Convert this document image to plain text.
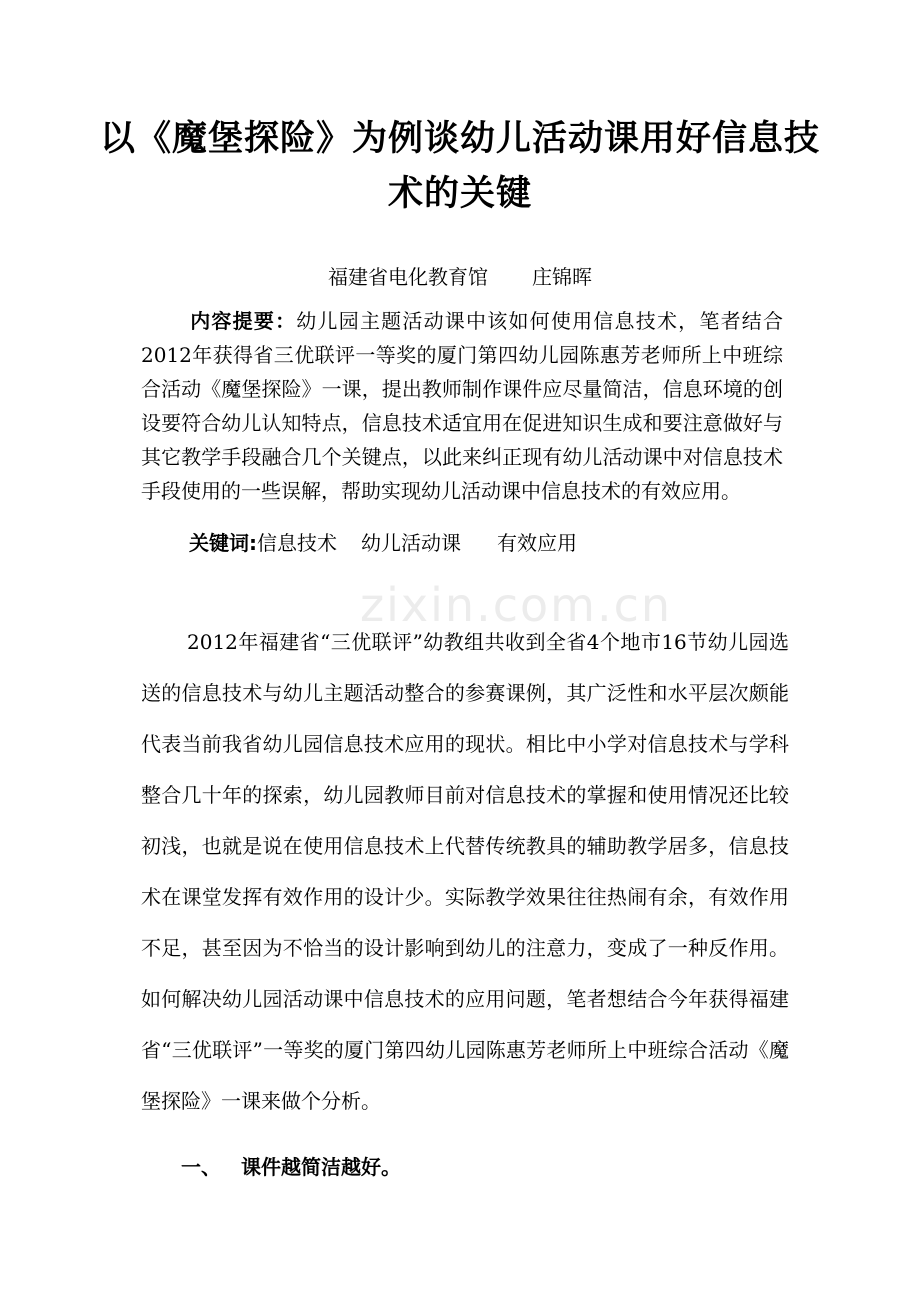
以《魔堡探险》为例谈幼儿活动课用好信息技术的关键
福建省电化教育馆 庄锦晖
内容提要：幼儿园主题活动课中该如何使用信息技术，笔者结合2012年获得省三优联评一等奖的厦门第四幼儿园陈惠芳老师所上中班综合活动《魔堡探险》一课，提出教师制作课件应尽量简洁，信息环境的创设要符合幼儿认知特点，信息技术适宜用在促进知识生成和要注意做好与其它教学手段融合几个关键点，以此来纠正现有幼儿活动课中对信息技术手段使用的一些误解，帮助实现幼儿活动课中信息技术的有效应用。
关键词:信息技术 幼儿活动课 有效应用
zixin.com.cn
2012年福建省“三优联评”幼教组共收到全省4个地市16节幼儿园选送的信息技术与幼儿主题活动整合的参赛课例，其广泛性和水平层次颇能代表当前我省幼儿园信息技术应用的现状。相比中小学对信息技术与学科整合几十年的探索，幼儿园教师目前对信息技术的掌握和使用情况还比较初浅，也就是说在使用信息技术上代替传统教具的辅助教学居多，信息技术在课堂发挥有效作用的设计少。实际教学效果往往热闹有余，有效作用不足，甚至因为不恰当的设计影响到幼儿的注意力，变成了一种反作用。如何解决幼儿园活动课中信息技术的应用问题，笔者想结合今年获得福建省“三优联评”一等奖的厦门第四幼儿园陈惠芳老师所上中班综合活动《魔堡探险》一课来做个分析。
一、 课件越简洁越好。
